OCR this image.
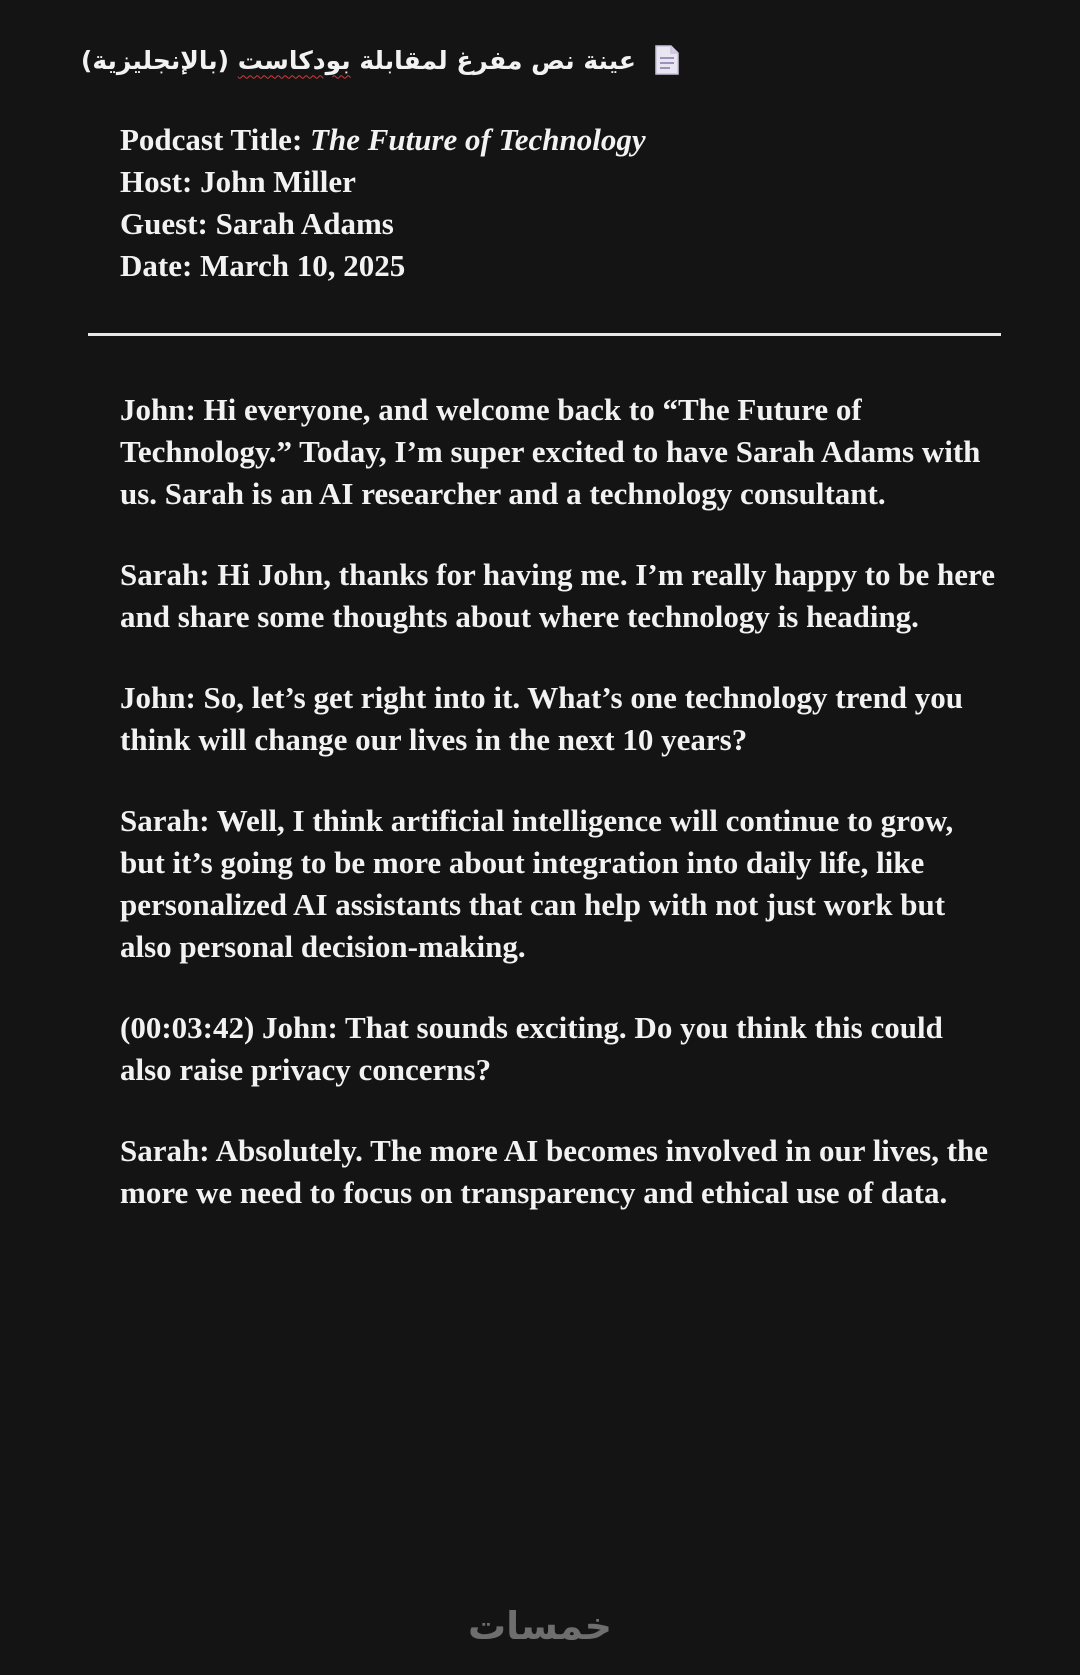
عينة نص مفرغ لمقابلة بودكاست (بالإنجليزية)
Podcast Title: The Future of Technology
Host: John Miller
Guest: Sarah Adams
Date: March 10, 2025

John: Hi everyone, and welcome back to “The Future of Technology.” Today, I’m super excited to have Sarah Adams with us. Sarah is an AI researcher and a technology consultant.

Sarah: Hi John, thanks for having me. I’m really happy to be here and share some thoughts about where technology is heading.

John: So, let’s get right into it. What’s one technology trend you think will change our lives in the next 10 years?

Sarah: Well, I think artificial intelligence will continue to grow, but it’s going to be more about integration into daily life, like personalized AI assistants that can help with not just work but also personal decision-making.

(00:03:42) John: That sounds exciting. Do you think this could also raise privacy concerns?

Sarah: Absolutely. The more AI becomes involved in our lives, the more we need to focus on transparency and ethical use of data.

خمسات
